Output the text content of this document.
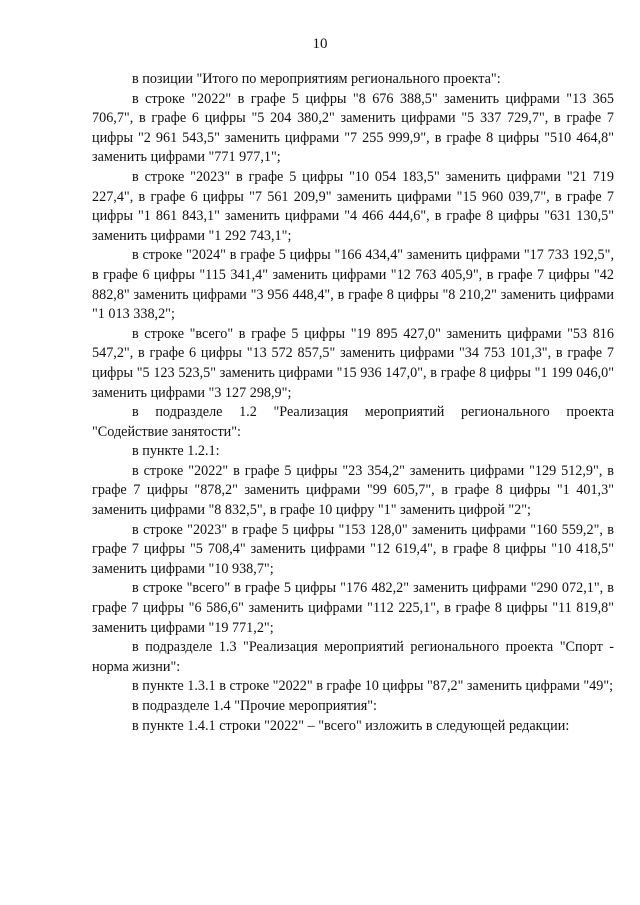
10

в позиции "Итого по мероприятиям регионального проекта":

в строке "2022" в графе 5 цифры "8 676 388,5" заменить цифрами "13 365 706,7", в графе 6 цифры "5 204 380,2" заменить цифрами "5 337 729,7", в графе 7 цифры "2 961 543,5" заменить цифрами "7 255 999,9", в графе 8 цифры "510 464,8" заменить цифрами "771 977,1";

в строке "2023" в графе 5 цифры "10 054 183,5" заменить цифрами "21 719 227,4", в графе 6 цифры "7 561 209,9" заменить цифрами "15 960 039,7", в графе 7 цифры "1 861 843,1" заменить цифрами "4 466 444,6", в графе 8 цифры "631 130,5" заменить цифрами "1 292 743,1";

в строке "2024" в графе 5 цифры "166 434,4" заменить цифрами "17 733 192,5", в графе 6 цифры "115 341,4" заменить цифрами "12 763 405,9", в графе 7 цифры "42 882,8" заменить цифрами "3 956 448,4", в графе 8 цифры "8 210,2" заменить цифрами "1 013 338,2";

в строке "всего" в графе 5 цифры "19 895 427,0" заменить цифрами "53 816 547,2", в графе 6 цифры "13 572 857,5" заменить цифрами "34 753 101,3", в графе 7 цифры "5 123 523,5" заменить цифрами "15 936 147,0", в графе 8 цифры "1 199 046,0" заменить цифрами "3 127 298,9";

в подразделе 1.2 "Реализация мероприятий регионального проекта "Содействие занятости":

в пункте 1.2.1:

в строке "2022" в графе 5 цифры "23 354,2" заменить цифрами "129 512,9", в графе 7 цифры "878,2" заменить цифрами "99 605,7", в графе 8 цифры "1 401,3" заменить цифрами "8 832,5", в графе 10 цифру "1" заменить цифрой "2";

в строке "2023" в графе 5 цифры "153 128,0" заменить цифрами "160 559,2", в графе 7 цифры "5 708,4" заменить цифрами "12 619,4", в графе 8 цифры "10 418,5" заменить цифрами "10 938,7";

в строке "всего" в графе 5 цифры "176 482,2" заменить цифрами "290 072,1", в графе 7 цифры "6 586,6" заменить цифрами "112 225,1", в графе 8 цифры "11 819,8" заменить цифрами "19 771,2";

в подразделе 1.3 "Реализация мероприятий регионального проекта "Спорт - норма жизни":

в пункте 1.3.1 в строке "2022" в графе 10 цифры "87,2" заменить цифрами "49";

в подразделе 1.4 "Прочие мероприятия":

в пункте 1.4.1 строки "2022" – "всего" изложить в следующей редакции:
